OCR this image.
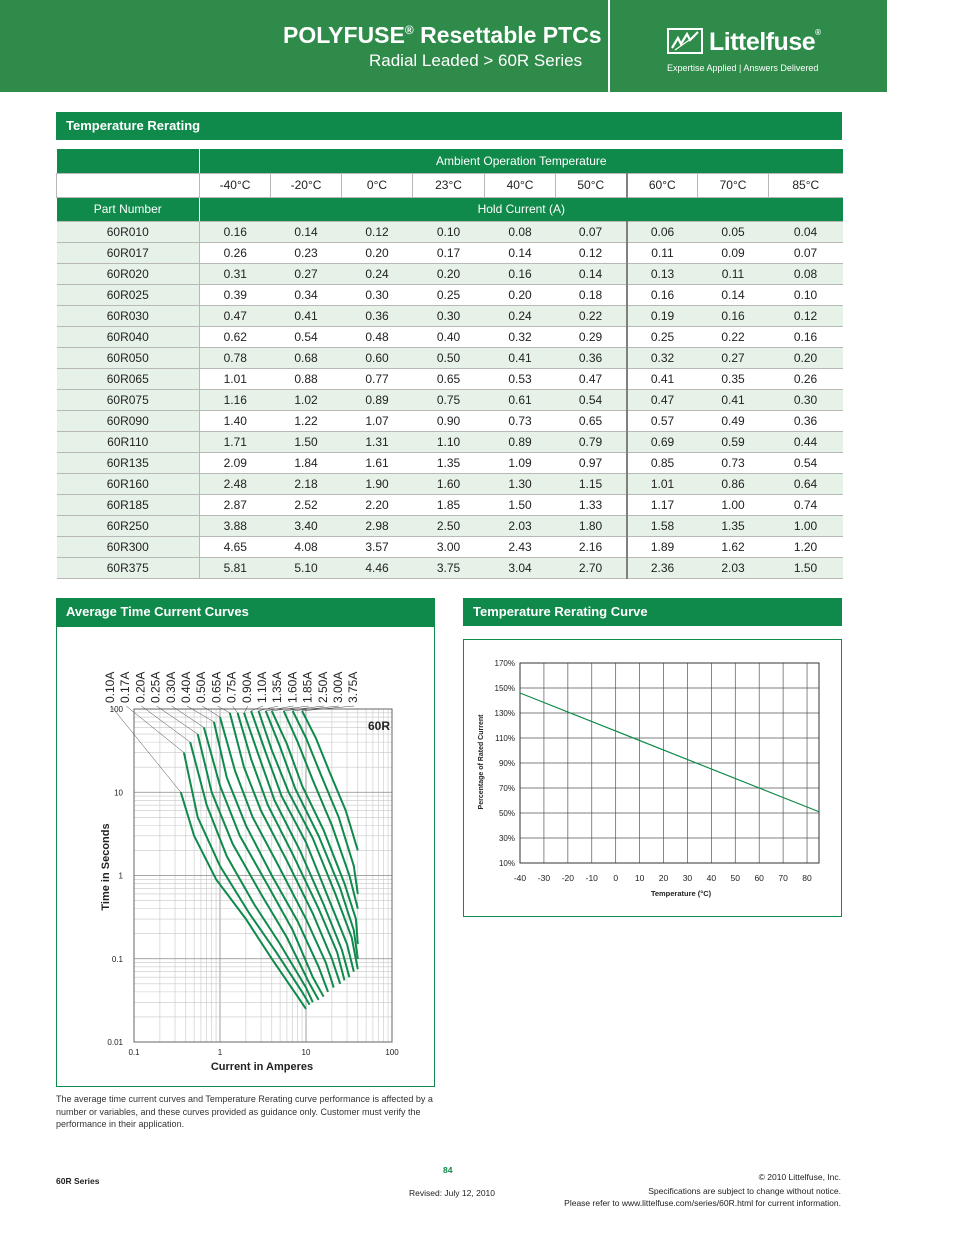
POLYFUSE® Resettable PTCs
Radial Leaded > 60R Series
Littelfuse®
Expertise Applied | Answers Delivered
Temperature Rerating
	Ambient Operation Temperature								
	-40°C	-20°C	0°C	23°C	40°C	50°C	60°C	70°C	85°C
Part Number	Hold Current (A)								
60R010	0.16	0.14	0.12	0.10	0.08	0.07	0.06	0.05	0.04
60R017	0.26	0.23	0.20	0.17	0.14	0.12	0.11	0.09	0.07
60R020	0.31	0.27	0.24	0.20	0.16	0.14	0.13	0.11	0.08
60R025	0.39	0.34	0.30	0.25	0.20	0.18	0.16	0.14	0.10
60R030	0.47	0.41	0.36	0.30	0.24	0.22	0.19	0.16	0.12
60R040	0.62	0.54	0.48	0.40	0.32	0.29	0.25	0.22	0.16
60R050	0.78	0.68	0.60	0.50	0.41	0.36	0.32	0.27	0.20
60R065	1.01	0.88	0.77	0.65	0.53	0.47	0.41	0.35	0.26
60R075	1.16	1.02	0.89	0.75	0.61	0.54	0.47	0.41	0.30
60R090	1.40	1.22	1.07	0.90	0.73	0.65	0.57	0.49	0.36
60R110	1.71	1.50	1.31	1.10	0.89	0.79	0.69	0.59	0.44
60R135	2.09	1.84	1.61	1.35	1.09	0.97	0.85	0.73	0.54
60R160	2.48	2.18	1.90	1.60	1.30	1.15	1.01	0.86	0.64
60R185	2.87	2.52	2.20	1.85	1.50	1.33	1.17	1.00	0.74
60R250	3.88	3.40	2.98	2.50	2.03	1.80	1.58	1.35	1.00
60R300	4.65	4.08	3.57	3.00	2.43	2.16	1.89	1.62	1.20
60R375	5.81	5.10	4.46	3.75	3.04	2.70	2.36	2.03	1.50
Average Time Current Curves
0.1	1	10	100
100
10
1
0.1
0.01
Current in Amperes
Time in Seconds
60R
0.10A 0.17A 0.20A 0.25A 0.30A 0.40A 0.50A 0.65A 0.75A 0.90A 1.10A 1.35A 1.60A 1.85A 2.50A 3.00A 3.75A
Temperature Rerating Curve
-40 -30 -20 -10 0 10 20 30 40 50 60 70 80
170%
150%
130%
110%
90%
70%
50%
30%
10%
Temperature (°C)
Percentage of Rated Current
The average time current curves and Temperature Rerating curve performance is affected by a number or variables, and these curves provided as guidance only. Customer must verify the performance in their application.
60R Series
84
Revised: July 12, 2010
© 2010 Littelfuse, Inc.
Specifications are subject to change without notice.
Please refer to www.littelfuse.com/series/60R.html for current information.
